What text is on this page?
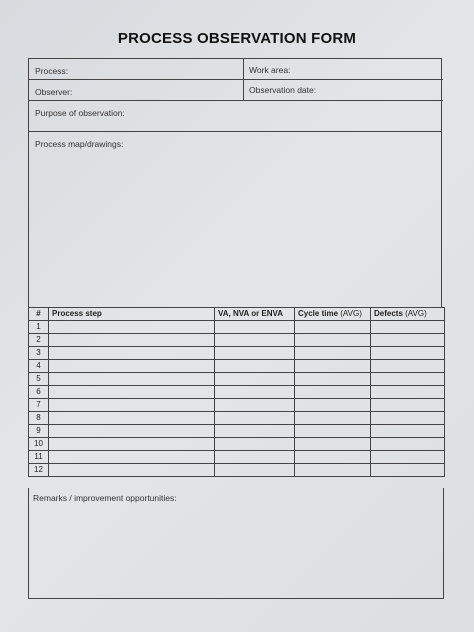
PROCESS OBSERVATION FORM
Process:	Work area:
Observer:	Observation date:
Purpose of observation:
Process map/drawings:
#	Process step	VA, NVA or ENVA	Cycle time (AVG)	Defects (AVG)
1				
2				
3				
4				
5				
6				
7				
8				
9				
10				
11				
12				
Remarks / improvement opportunities:
